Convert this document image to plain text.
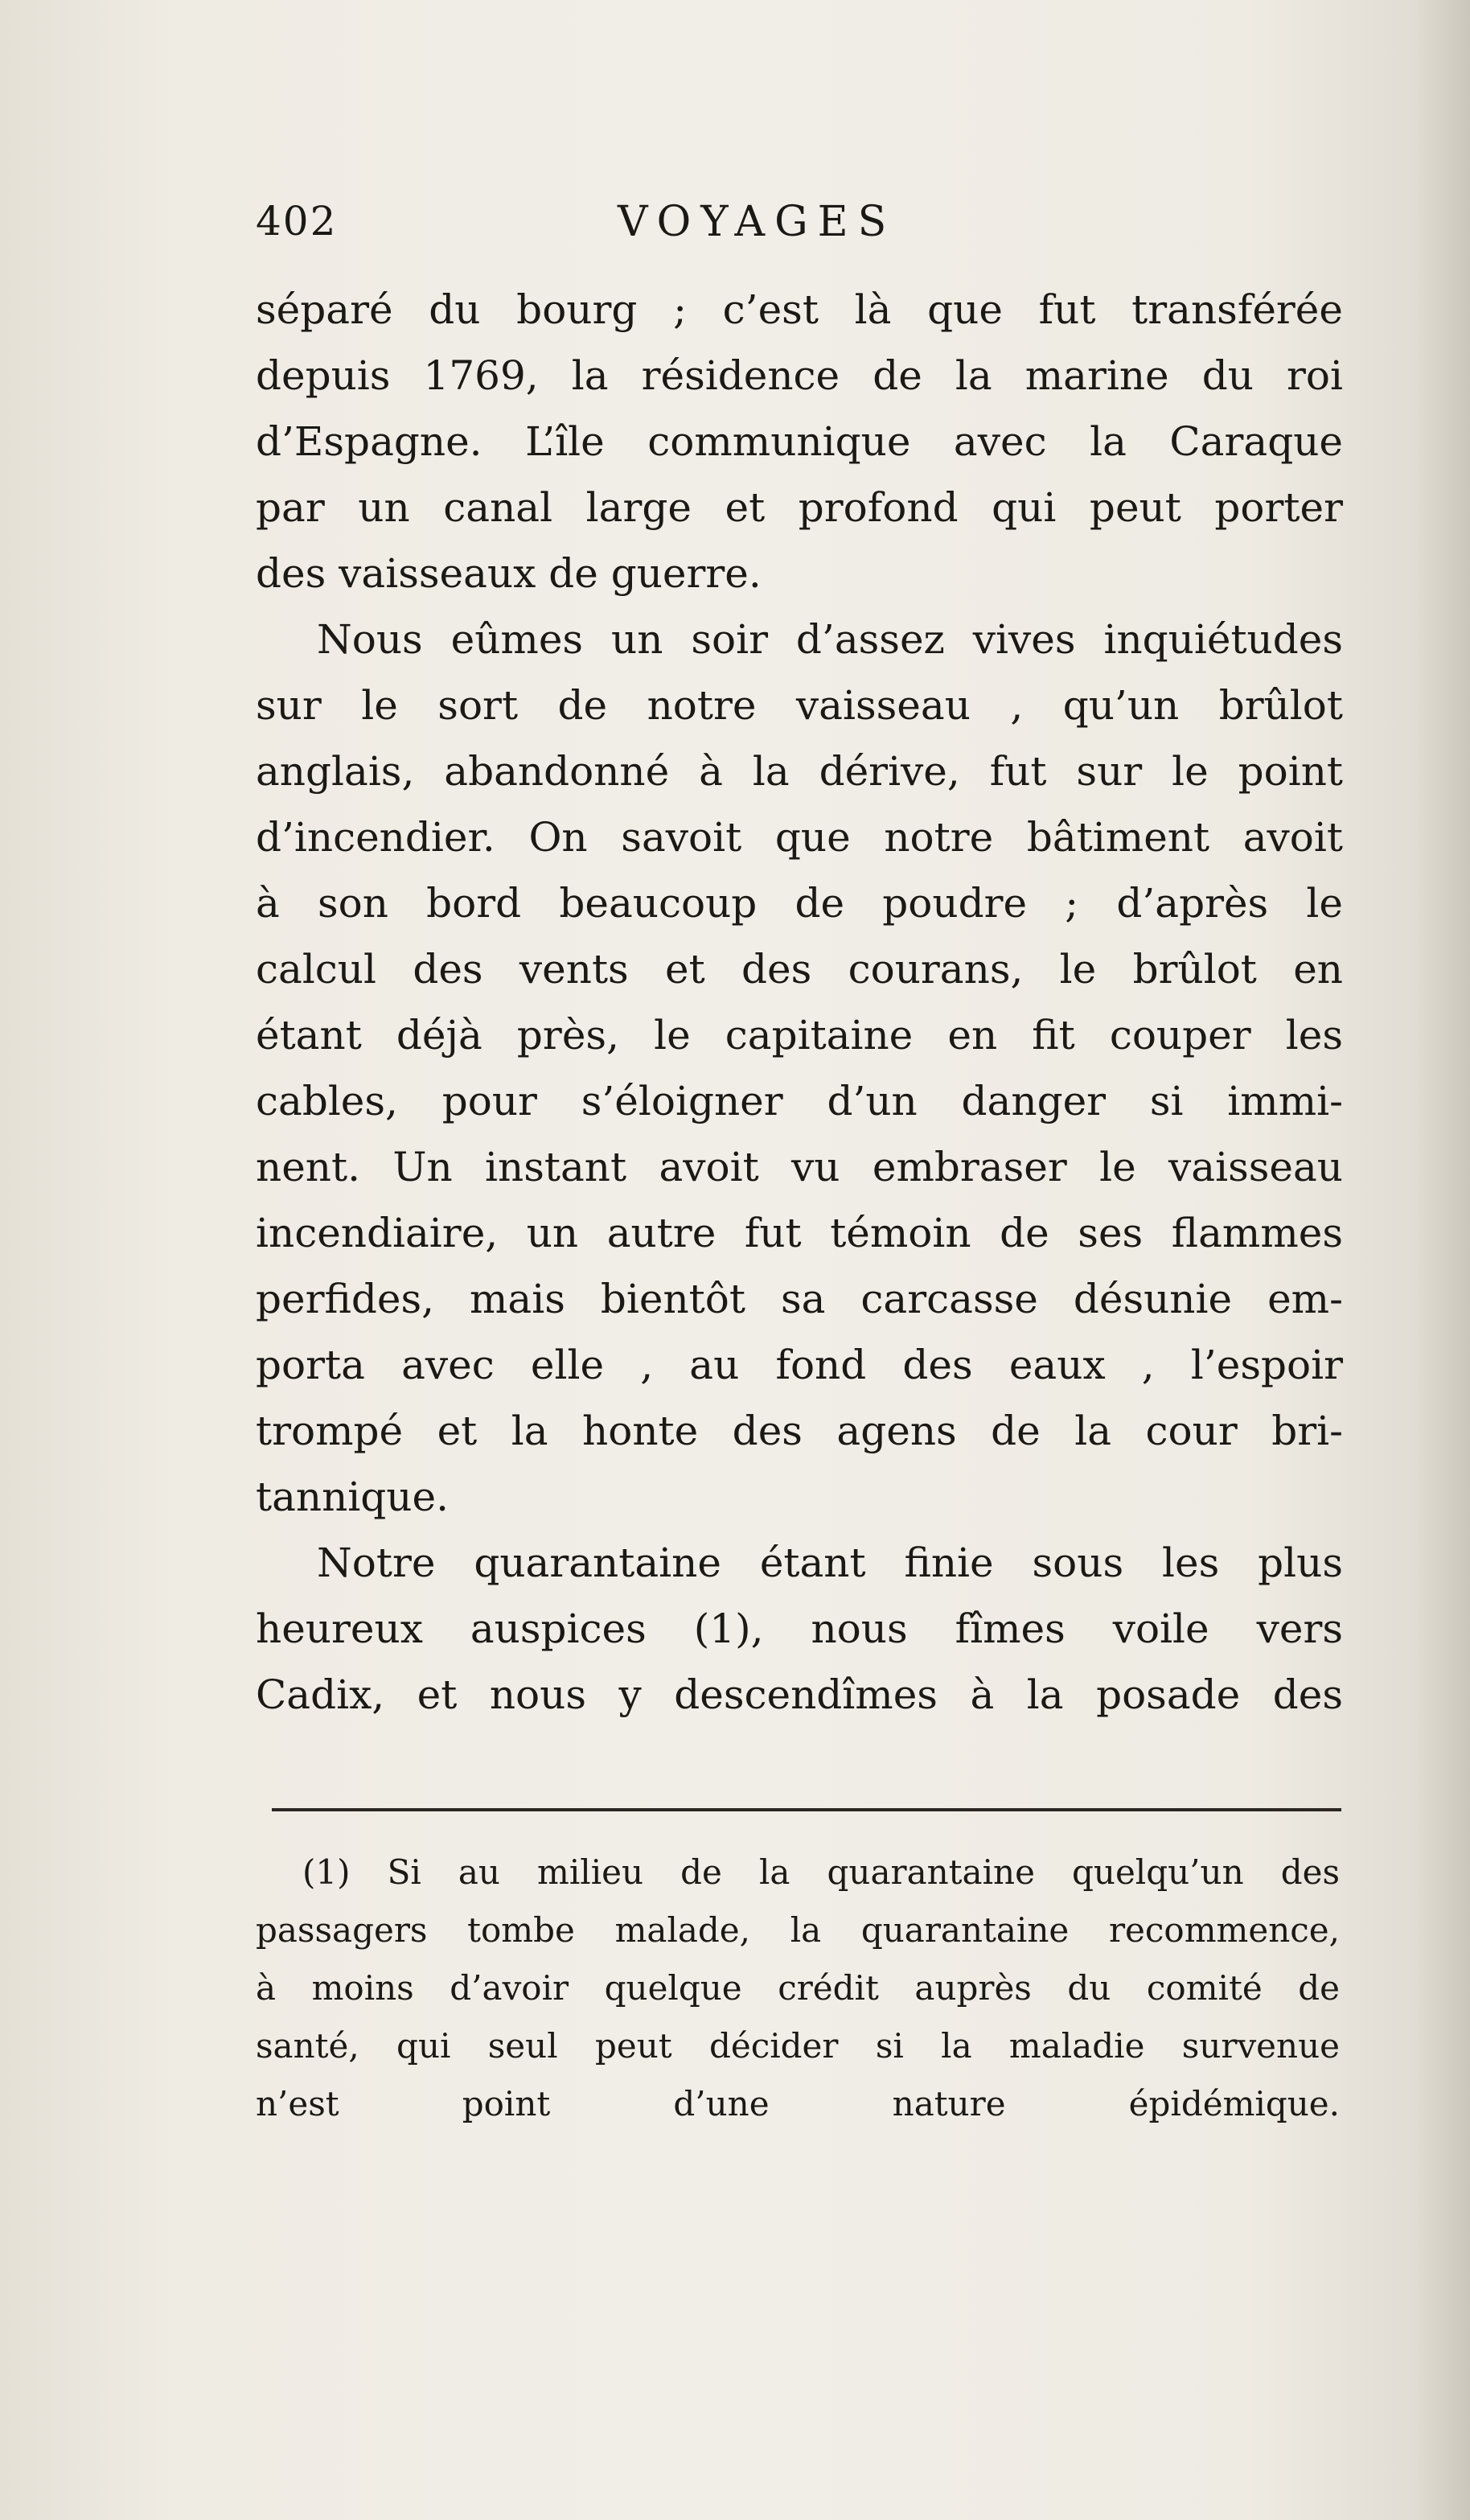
402	VOYAGES

séparé du bourg ; c’est là que fut transférée
depuis 1769, la résidence de la marine du roi
d’Espagne. L’île communique avec la Caraque
par un canal large et profond qui peut porter
des vaisseaux de guerre.

Nous eûmes un soir d’assez vives inquiétudes
sur le sort de notre vaisseau , qu’un brûlot
anglais, abandonné à la dérive, fut sur le point
d’incendier. On savoit que notre bâtiment avoit
à son bord beaucoup de poudre ; d’après le
calcul des vents et des courans, le brûlot en
étant déjà près, le capitaine en fit couper les
cables, pour s’éloigner d’un danger si immi-
nent. Un instant avoit vu embraser le vaisseau
incendiaire, un autre fut témoin de ses flammes
perfides, mais bientôt sa carcasse désunie em-
porta avec elle , au fond des eaux , l’espoir
trompé et la honte des agens de la cour bri-
tannique.

Notre quarantaine étant finie sous les plus
heureux auspices (1), nous fîmes voile vers
Cadix, et nous y descendîmes à la posade des

(1) Si au milieu de la quarantaine quelqu’un des
passagers tombe malade, la quarantaine recommence,
à moins d’avoir quelque crédit auprès du comité de
santé, qui seul peut décider si la maladie survenue
n’est point d’une nature épidémique.
